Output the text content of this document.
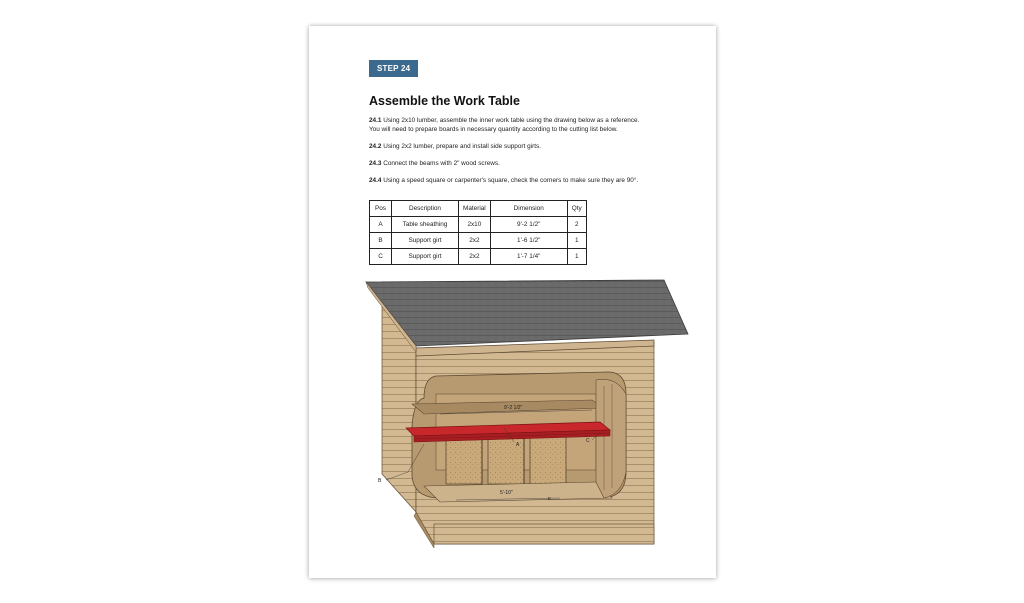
STEP 24
Assemble the Work Table

24.1 Using 2x10 lumber, assemble the inner work table using the drawing below as a reference.

You will need to prepare boards in necessary quantity according to the cutting list below.

24.2 Using 2x2 lumber, prepare and install side support girts.

24.3 Connect the beams with 2" wood screws.

24.4 Using a speed square or carpenter's square, check the corners to make sure they are 90°.

Pos	Description	Material	Dimension	Qty
A	Table sheathing	2x10	9'-2 1/2"	2
B	Support girt	2x2	1'-6 1/2"	1
C	Support girt	2x2	1'-7 1/4"	1
9'-2 1/2"
5'-10"
B
A
C
E
